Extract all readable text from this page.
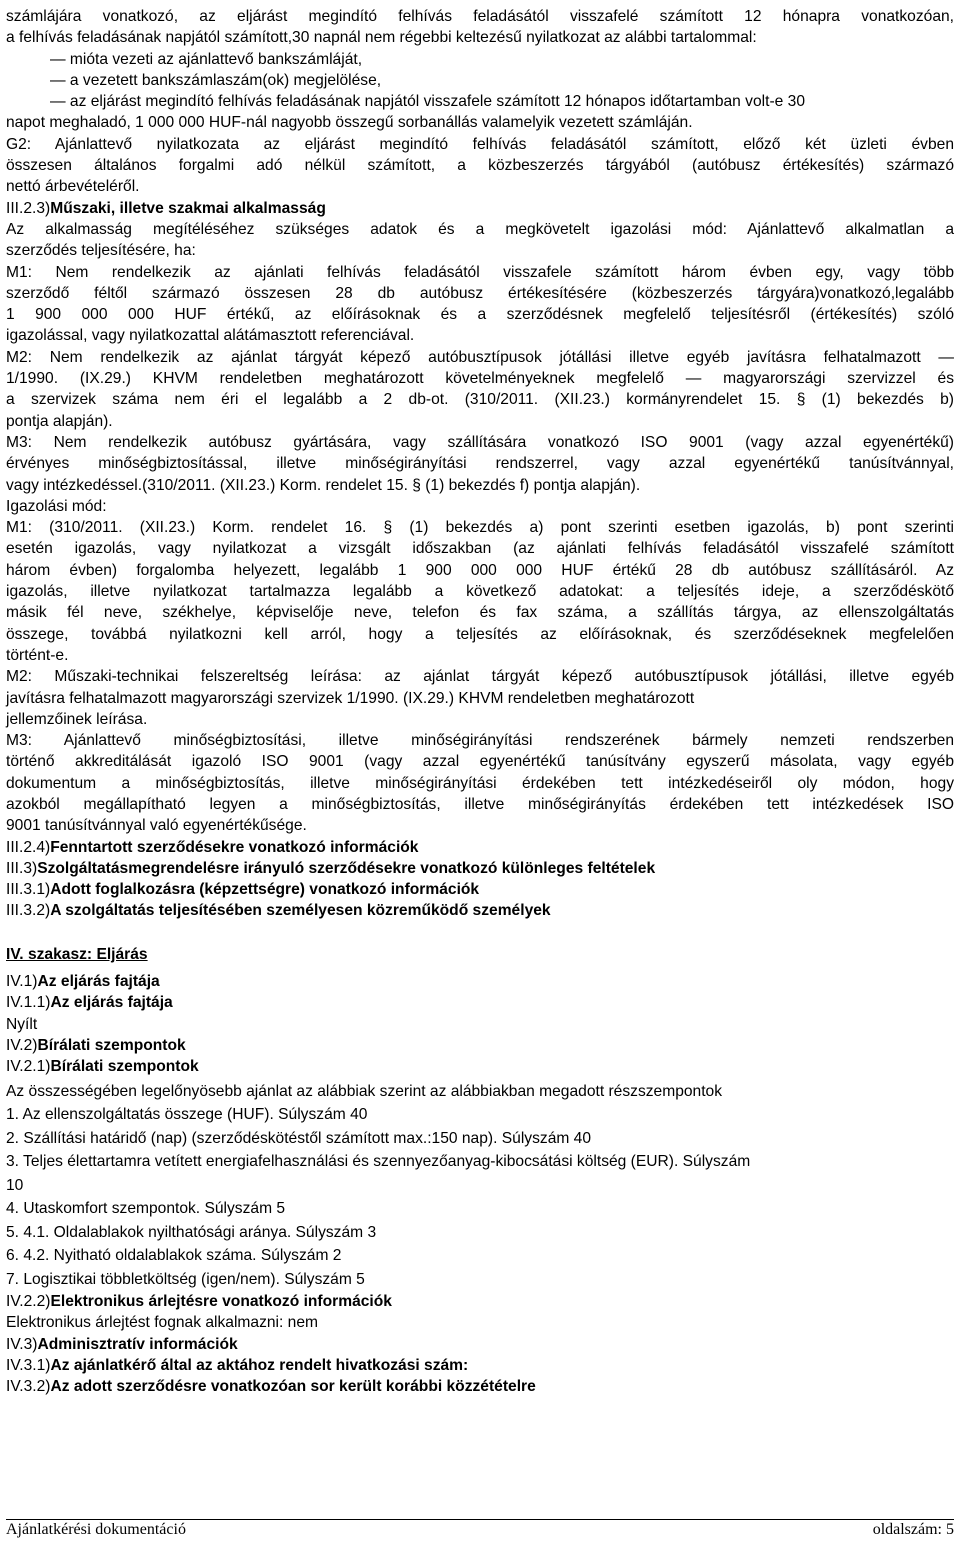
számlájára vonatkozó, az eljárást megindító felhívás feladásától visszafelé számított 12 hónapra vonatkozóan,
a felhívás feladásának napjától számított,30 napnál nem régebbi keltezésű nyilatkozat az alábbi tartalommal:
— miótа vezeti az ajánlattevő bankszámláját,
— a vezetett bankszámlaszám(ok) megjelölése,
— az eljárást megindító felhívás feladásának napjától visszafele számított 12 hónapos időtartamban volt-e 30
napot meghaladó, 1 000 000 HUF-nál nagyobb összegű sorbanállás valamelyik vezetett számláján.
G2: Ajánlattevő nyilatkozata az eljárást megindító felhívás feladásától számított, előző két üzleti évben
összesen általános forgalmi adó nélkül számított, a közbeszerzés tárgyából (autóbusz értékesítés) származó
nettó árbevételéről.
III.2.3)Műszaki, illetve szakmai alkalmasság
Az alkalmasság megítéléséhez szükséges adatok és a megkövetelt igazolási mód: Ajánlattevő alkalmatlan a
szerződés teljesítésére, ha:
M1: Nem rendelkezik az ajánlati felhívás feladásától visszafele számított három évben egy, vagy több
szerződő féltől származó összesen 28 db autóbusz értékesítésére (közbeszerzés tárgyára)vonatkozó,legalább
1 900 000 000 HUF értékű, az előírásoknak és a szerződésnek megfelelő teljesítésről (értékesítés) szóló
igazolással, vagy nyilatkozattal alátámasztott referenciával.
M2: Nem rendelkezik az ajánlat tárgyát képező autóbusztípusok jótállási illetve egyéb javításra felhatalmazott —
1/1990. (IX.29.) KHVM rendeletben meghatározott követelményeknek megfelelő — magyarországi szervizzel és
a szervizek száma nem éri el legalább a 2 db-ot. (310/2011. (XII.23.) kormányrendelet 15. § (1) bekezdés b)
pontja alapján).
M3: Nem rendelkezik autóbusz gyártására, vagy szállítására vonatkozó ISO 9001 (vagy azzal egyenértékű)
érvényes minőségbiztosítással, illetve minőségirányítási rendszerrel, vagy azzal egyenértékű tanúsítvánnyal,
vagy intézkedéssel.(310/2011. (XII.23.) Korm. rendelet 15. § (1) bekezdés f) pontja alapján).
Igazolási mód:
M1: (310/2011. (XII.23.) Korm. rendelet 16. § (1) bekezdés a) pont szerinti esetben igazolás, b) pont szerinti
esetén igazolás, vagy nyilatkozat a vizsgált időszakban (az ajánlati felhívás feladásától visszafelé számított
három évben) forgalomba helyezett, legalább 1 900 000 000 HUF értékű 28 db autóbusz szállításáról. Az
igazolás, illetve nyilatkozat tartalmazza legalább a következő adatokat: a teljesítés ideje, a szerződéskötő
másik fél neve, székhelye, képviselője neve, telefon és fax száma, a szállítás tárgya, az ellenszolgáltatás
összege, továbbá nyilatkozni kell arról, hogy a teljesítés az előírásoknak, és szerződéseknek megfelelően
történt-e.
M2: Műszaki-technikai felszereltség leírása: az ajánlat tárgyát képező autóbusztípusok jótállási, illetve egyéb
javításra felhatalmazott magyarországi szervizek 1/1990. (IX.29.) KHVM rendeletben meghatározott
jellemzőinek leírása.
M3: Ajánlattevő minőségbiztosítási, illetve minőségirányítási rendszerének bármely nemzeti rendszerben
történő akkreditálását igazoló ISO 9001 (vagy azzal egyenértékű tanúsítvány egyszerű másolata, vagy egyéb
dokumentum a minőségbiztosítás, illetve minőségirányítási érdekében tett intézkedéseiről oly módon, hogy
azokból megállapítható legyen a minőségbiztosítás, illetve minőségirányítás érdekében tett intézkedések ISO
9001 tanúsítvánnyal való egyenértékűsége.
III.2.4)Fenntartott szerződésekre vonatkozó információk
III.3)Szolgáltatásmegrendelésre irányuló szerződésekre vonatkozó különleges feltételek
III.3.1)Adott foglalkozásra (képzettségre) vonatkozó információk
III.3.2)A szolgáltatás teljesítésében személyesen közreműködő személyek
IV. szakasz: Eljárás
IV.1)Az eljárás fajtája
IV.1.1)Az eljárás fajtája
Nyílt
IV.2)Bírálati szempontok
IV.2.1)Bírálati szempontok
Az összességében legelőnyösebb ajánlat az alábbiak szerint az alábbiakban megadott részszempontok
1. Az ellenszolgáltatás összege (HUF). Súlyszám 40
2. Szállítási határidő (nap) (szerződéskötéstől számított max.:150 nap). Súlyszám 40
3. Teljes élettartamra vetített energiafelhasználási és szennyezőanyag-kibocsátási költség (EUR). Súlyszám
10
4. Utaskomfort szempontok. Súlyszám 5
5. 4.1. Oldalablakok nyilthatósági aránya. Súlyszám 3
6. 4.2. Nyitható oldalablakok száma. Súlyszám 2
7. Logisztikai többletköltség (igen/nem). Súlyszám 5
IV.2.2)Elektronikus árlejtésre vonatkozó információk
Elektronikus árlejtést fognak alkalmazni: nem
IV.3)Adminisztratív információk
IV.3.1)Az ajánlatkérő által az aktához rendelt hivatkozási szám:
IV.3.2)Az adott szerződésre vonatkozóan sor került korábbi közzétételre
Ajánlatkérési dokumentáció	oldalszám: 5
